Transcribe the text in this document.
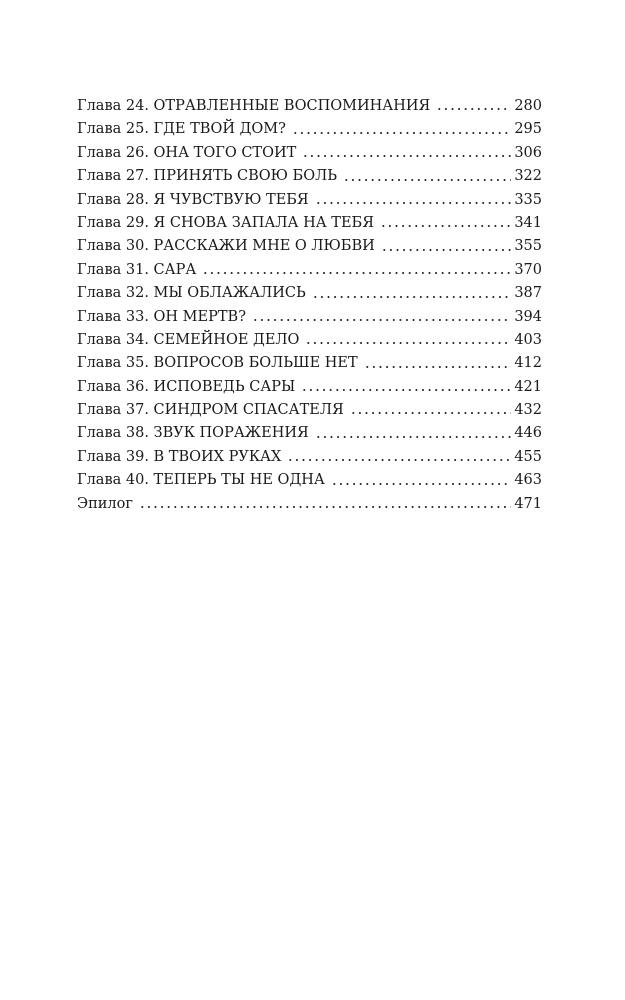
Глава 24. ОТРАВЛЕННЫЕ ВОСПОМИНАНИЯ	280
Глава 25. ГДЕ ТВОЙ ДОМ?	295
Глава 26. ОНА ТОГО СТОИТ	306
Глава 27. ПРИНЯТЬ СВОЮ БОЛЬ	322
Глава 28. Я ЧУВСТВУЮ ТЕБЯ	335
Глава 29. Я СНОВА ЗАПАЛА НА ТЕБЯ	341
Глава 30. РАССКАЖИ МНЕ О ЛЮБВИ	355
Глава 31. САРА	370
Глава 32. МЫ ОБЛАЖАЛИСЬ	387
Глава 33. ОН МЕРТВ?	394
Глава 34. СЕМЕЙНОЕ ДЕЛО	403
Глава 35. ВОПРОСОВ БОЛЬШЕ НЕТ	412
Глава 36. ИСПОВЕДЬ САРЫ	421
Глава 37. СИНДРОМ СПАСАТЕЛЯ	432
Глава 38. ЗВУК ПОРАЖЕНИЯ	446
Глава 39. В ТВОИХ РУКАХ	455
Глава 40. ТЕПЕРЬ ТЫ НЕ ОДНА	463
Эпилог	471
